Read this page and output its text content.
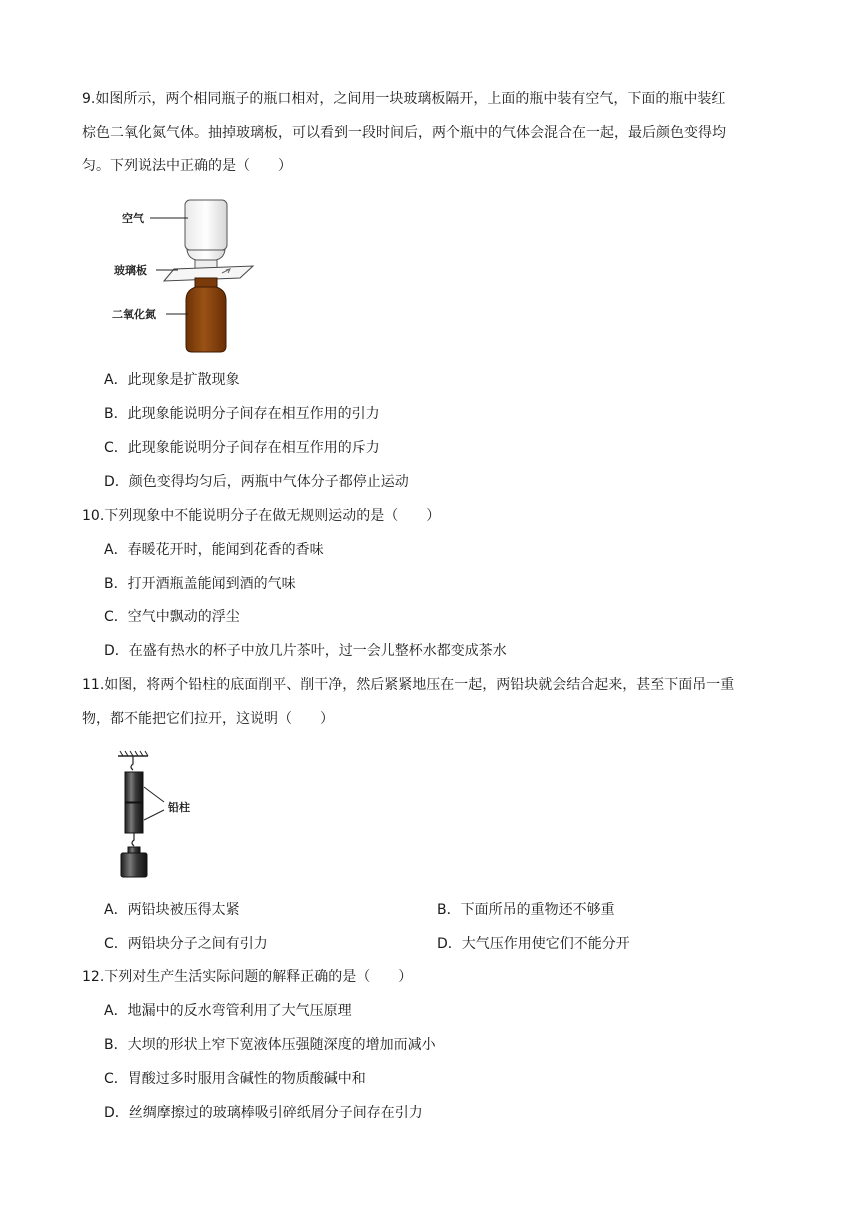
9.如图所示，两个相同瓶子的瓶口相对，之间用一块玻璃板隔开，上面的瓶中装有空气，下面的瓶中装红
棕色二氧化氮气体。抽掉玻璃板，可以看到一段时间后，两个瓶中的气体会混合在一起，最后颜色变得均
匀。下列说法中正确的是（　　）
空气
玻璃板
二氧化氮
A．此现象是扩散现象
B．此现象能说明分子间存在相互作用的引力
C．此现象能说明分子间存在相互作用的斥力
D．颜色变得均匀后，两瓶中气体分子都停止运动
10.下列现象中不能说明分子在做无规则运动的是（　　）
A．春暖花开时，能闻到花香的香味
B．打开酒瓶盖能闻到酒的气味
C．空气中飘动的浮尘
D．在盛有热水的杯子中放几片茶叶，过一会儿整杯水都变成茶水
11.如图，将两个铅柱的底面削平、削干净，然后紧紧地压在一起，两铅块就会结合起来，甚至下面吊一重
物，都不能把它们拉开，这说明（　　）
铅柱
A．两铅块被压得太紧	B．下面所吊的重物还不够重
C．两铅块分子之间有引力	D．大气压作用使它们不能分开
12.下列对生产生活实际问题的解释正确的是（　　）
A．地漏中的反水弯管利用了大气压原理
B．大坝的形状上窄下宽液体压强随深度的增加而减小
C．胃酸过多时服用含碱性的物质酸碱中和
D．丝绸摩擦过的玻璃棒吸引碎纸屑分子间存在引力
